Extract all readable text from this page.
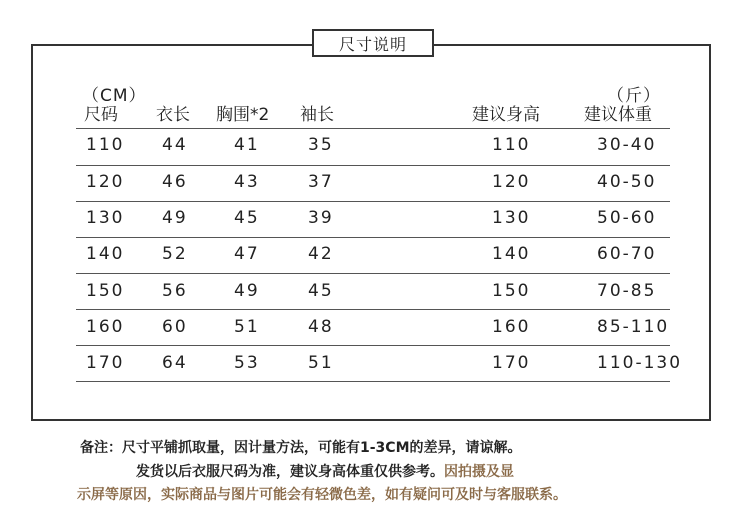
尺寸说明
（CM）	（斤）
尺码 衣长 胸围*2 袖长	建议身高	建议体重
110 44	41	35	110	30-40
120 46	43	37	120	40-50
130 49	45	39	130	50-60
140 52	47	42	140	60-70
150 56	49	45	150	70-85
160 60	51	48	160	85-110
170 64	53	51	170	110-130
备注：尺寸平铺抓取量，因计量方法，可能有1-3CM的差异，请谅解。
发货以后衣服尺码为准，建议身高体重仅供参考。因拍摄及显
示屏等原因，实际商品与图片可能会有轻微色差，如有疑问可及时与客服联系。
